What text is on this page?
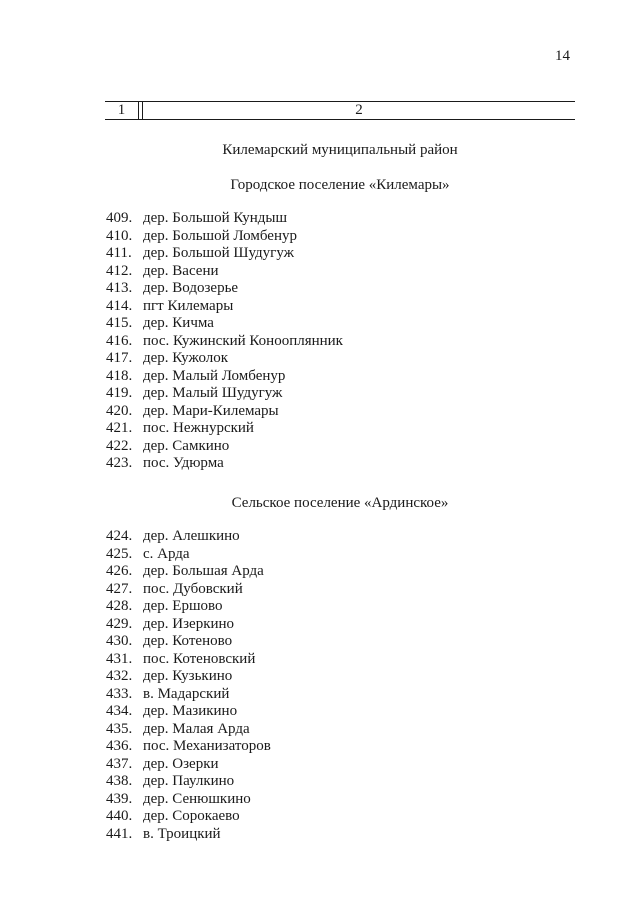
14
1	2
Килемарский муниципальный район
Городское поселение «Килемары»
409. дер. Большой Кундыш
410. дер. Большой Ломбенур
411. дер. Большой Шудугуж
412. дер. Васени
413. дер. Водозерье
414. пгт Килемары
415. дер. Кичма
416. пос. Кужинский Конооплянник
417. дер. Кужолок
418. дер. Малый Ломбенур
419. дер. Малый Шудугуж
420. дер. Мари-Килемары
421. пос. Нежнурский
422. дер. Самкино
423. пос. Удюрма
Сельское поселение «Ардинское»
424. дер. Алешкино
425. с. Арда
426. дер. Большая Арда
427. пос. Дубовский
428. дер. Ершово
429. дер. Изеркино
430. дер. Котеново
431. пос. Котеновский
432. дер. Кузькино
433. в. Мадарский
434. дер. Мазикино
435. дер. Малая Арда
436. пос. Механизаторов
437. дер. Озерки
438. дер. Паулкино
439. дер. Сенюшкино
440. дер. Сорокаево
441. в. Троицкий
